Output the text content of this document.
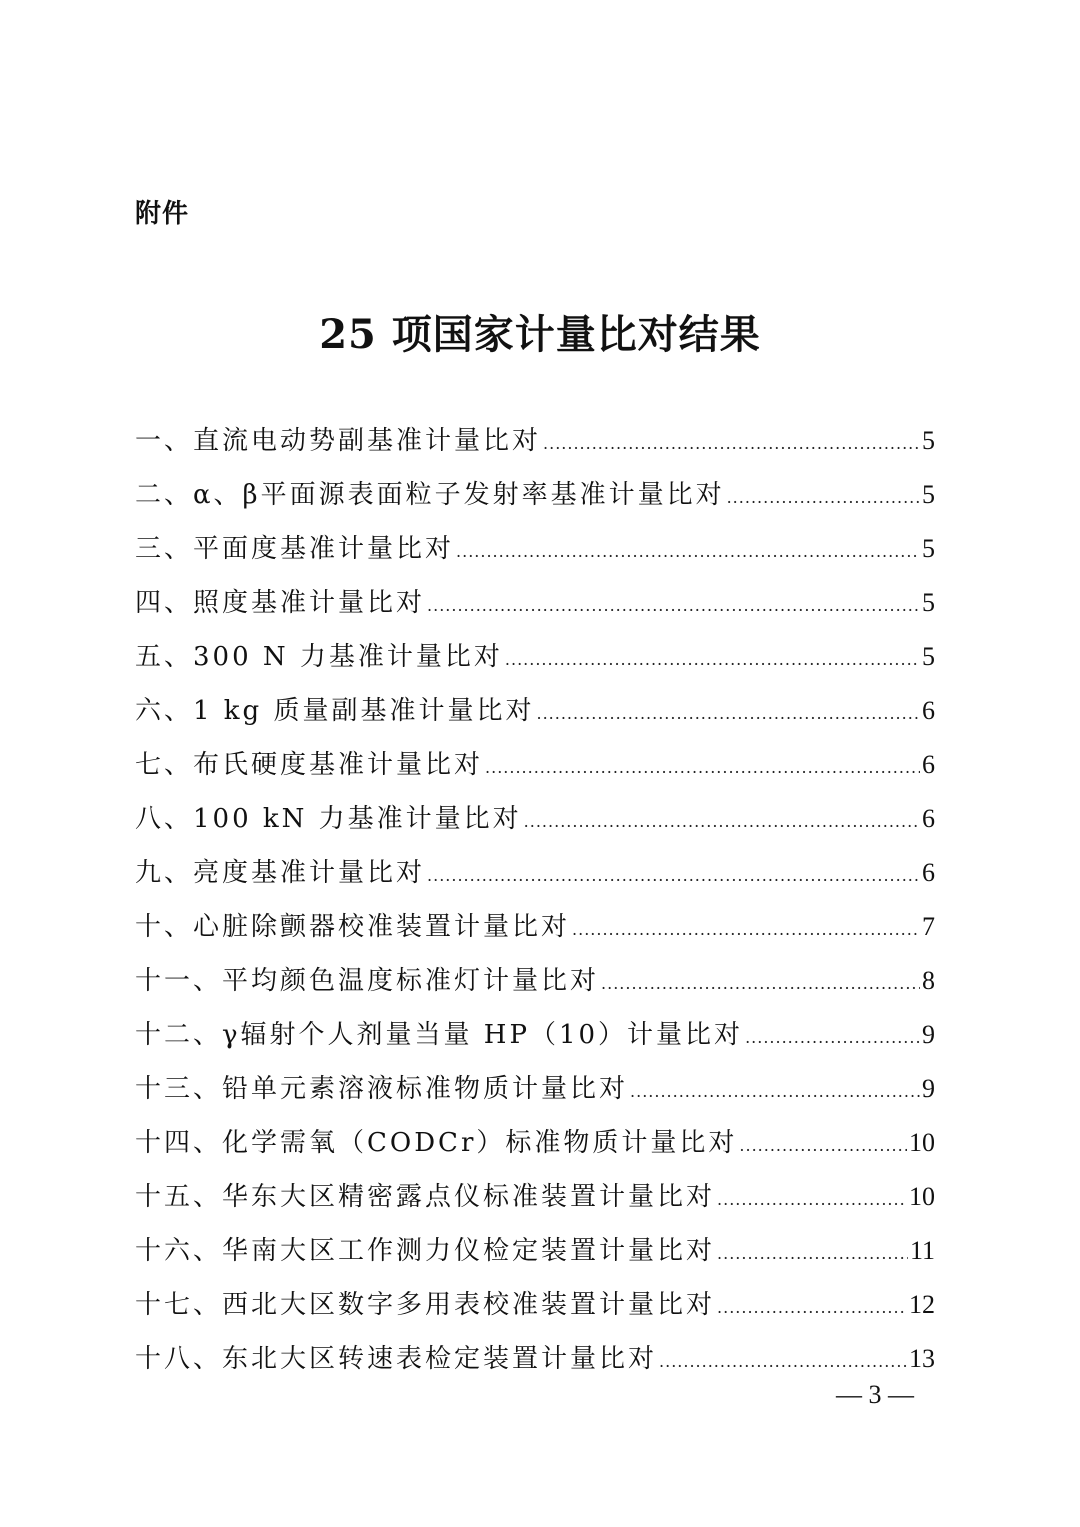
附件
25 项国家计量比对结果
一、直流电动势副基准计量比对 .....	5
二、α、β平面源表面粒子发射率基准计量比对 .....	5
三、平面度基准计量比对 .....	5
四、照度基准计量比对 .....	5
五、300 N 力基准计量比对 .....	5
六、1 kg 质量副基准计量比对 .....	6
七、布氏硬度基准计量比对 .....	6
八、100 kN 力基准计量比对 .....	6
九、亮度基准计量比对 .....	6
十、心脏除颤器校准装置计量比对 .....	7
十一、平均颜色温度标准灯计量比对 .....	8
十二、γ辐射个人剂量当量 HP（10）计量比对 .....	9
十三、铅单元素溶液标准物质计量比对 .....	9
十四、化学需氧（CODCr）标准物质计量比对 .....	10
十五、华东大区精密露点仪标准装置计量比对 .....	10
十六、华南大区工作测力仪检定装置计量比对 .....	11
十七、西北大区数字多用表校准装置计量比对 .....	12
十八、东北大区转速表检定装置计量比对 .....	13
— 3 —
